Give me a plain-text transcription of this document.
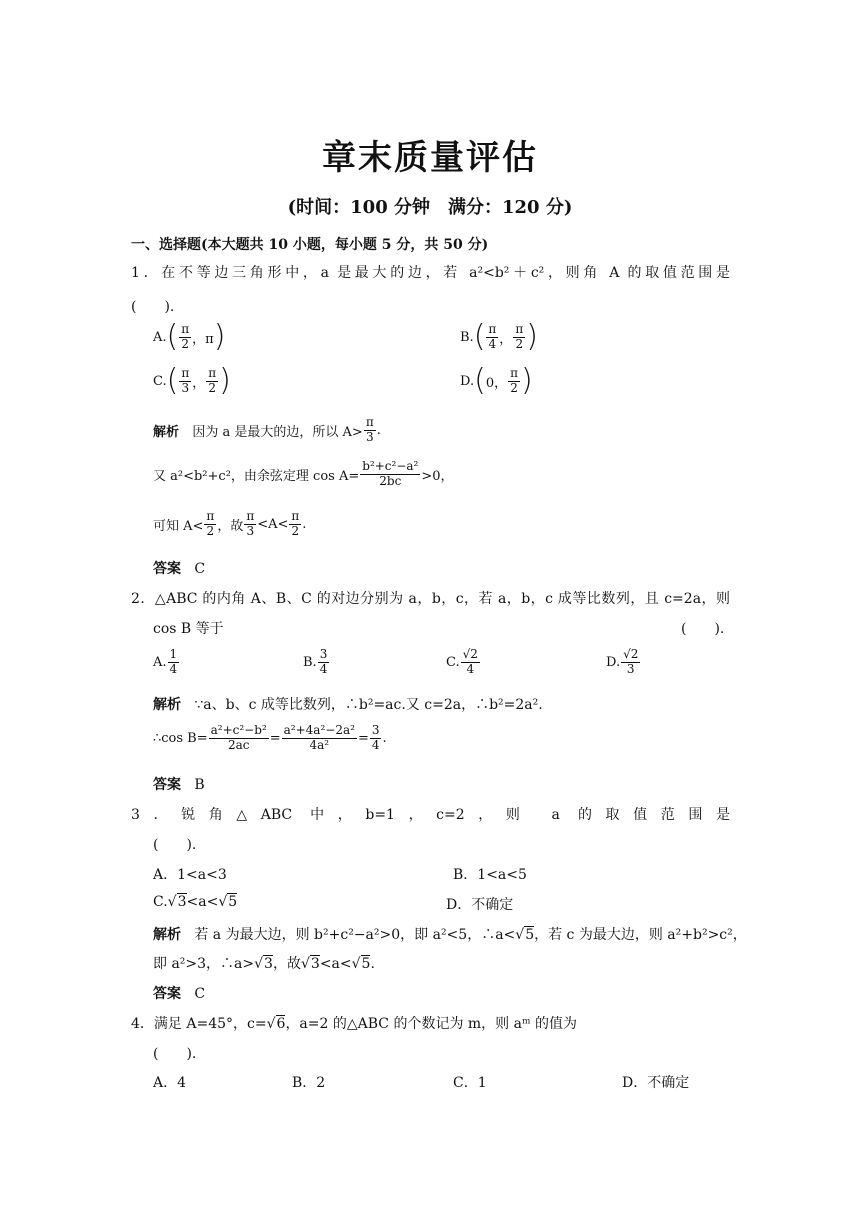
章末质量评估
(时间：100 分钟　满分：120 分)
一、选择题(本大题共 10 小题，每小题 5 分，共 50 分)
1．在不等边三角形中，a 是最大的边，若 a²<b²＋c²，则角 A 的取值范围是
(　　).
$A.( \frac{\pi}{2}$ ，π)	$B.( \frac{\pi}{4}$ ， $\frac{\pi}{2}$ )
$C.( \frac{\pi}{3}$ ， $\frac{\pi}{2}$ )	D.(0， $\frac{\pi}{2}$ )
解析 因为 a 是最大的边，所以 $A> \frac{\pi}{3}$ .
又 a²<b²+c²，由余弦定理 $\cos A= \frac{\text{b²+c²−a²}}{2bc} >0$，
可知 $A< \frac{\pi}{2}$ ，故 $\frac{\pi}{3} <A< \frac{\pi}{2}$ .
答案 C
2．△ABC 的内角 A、B、C 的对边分别为 a，b，c，若 a，b，c 成等比数列，且 c=2a，则
cos B 等于	(　　).
A. $\frac{1}{4}$	B. $\frac{3}{4}$	C. $\frac{√2}{4}$	D. $\frac{√2}{3}$
解析 ∵a、b、c 成等比数列，∴b²=ac.又 c=2a，∴b²=2a².
∴cos $B= \frac{\text{a²+c²−b²}}{2ac} = \frac{\text{a²+4a²−2a²}}{\text{4a²}} = \frac{3}{4}$ .
答案 B
3．锐角△ABC 中，b=1，c=2，则 a 的取值范围是
(　　).
A．1<a<3	B．1<a<5
C.√3<a<√5	D．不确定
解析 若 a 为最大边，则 b²+c²−a²>0，即 a²<5，∴a<√5，若 c 为最大边，则 a²+b²>c²，
即 a²>3，∴a>√3，故√3<a<√5.
答案 C
4．满足 A=45°，c=√6，a=2 的△ABC 的个数记为 m，则 aᵐ 的值为
(　　).
A．4	B．2	C．1	D．不确定
